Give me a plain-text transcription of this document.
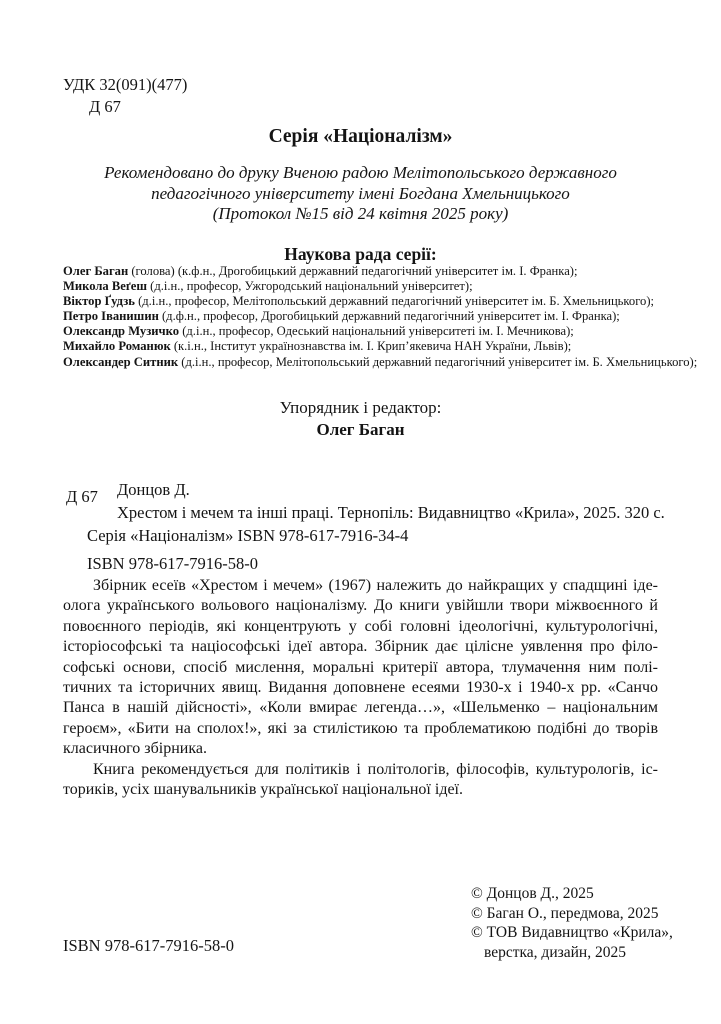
УДК 32(091)(477)
Д 67
Серія «Націоналізм»
Рекомендовано до друку Вченою радою Мелітопольського державного
педагогічного університету імені Богдана Хмельницького
(Протокол №15 від 24 квітня 2025 року)
Наукова рада серії:
Олег Баган (голова) (к.ф.н., Дрогобицький державний педагогічний університет ім. І. Франка);
Микола Веґеш (д.і.н., професор, Ужгородський національний університет);
Віктор Ґудзь (д.і.н., професор, Мелітопольський державний педагогічний університет ім. Б. Хмельницького);
Петро Іванишин (д.ф.н., професор, Дрогобицький державний педагогічний університет ім. І. Франка);
Олександр Музичко (д.і.н., професор, Одеський національний університеті ім. І. Мечникова);
Михайло Романюк (к.і.н., Інститут українознавства ім. І. Крип’якевича НАН України, Львів);
Олександер Ситник (д.і.н., професор, Мелітопольський державний педагогічний університет ім. Б. Хмельницького);
Упорядник і редактор:
Олег Баган
Д 67 Донцов Д.
Хрестом і мечем та інші праці. Тернопіль: Видавництво «Крила», 2025. 320 с.
Серія «Націоналізм» ISBN 978-617-7916-34-4
ISBN 978-617-7916-58-0
Збірник есеїв «Хрестом і мечем» (1967) належить до найкращих у спадщині іде-
олога українського вольового націоналізму. До книги увійшли твори міжвоєнного й
повоєнного періодів, які концентрують у собі головні ідеологічні, культурологічні,
історіософські та націософські ідеї автора. Збірник дає цілісне уявлення про філо-
софські основи, спосіб мислення, моральні критерії автора, тлумачення ним полі-
тичних та історичних явищ. Видання доповнене есеями 1930-х і 1940-х рр. «Санчо
Панса в нашій дійсності», «Коли вмирає легенда…», «Шельменко – національним
героєм», «Бити на сполох!», які за стилістикою та проблематикою подібні до творів
класичного збірника.
Книга рекомендується для політиків і політологів, філософів, культурологів, іс-
ториків, усіх шанувальників української національної ідеї.
© Донцов Д., 2025
© Баган О., передмова, 2025
© ТОВ Видавництво «Крила»,
верстка, дизайн, 2025
ISBN 978-617-7916-58-0
